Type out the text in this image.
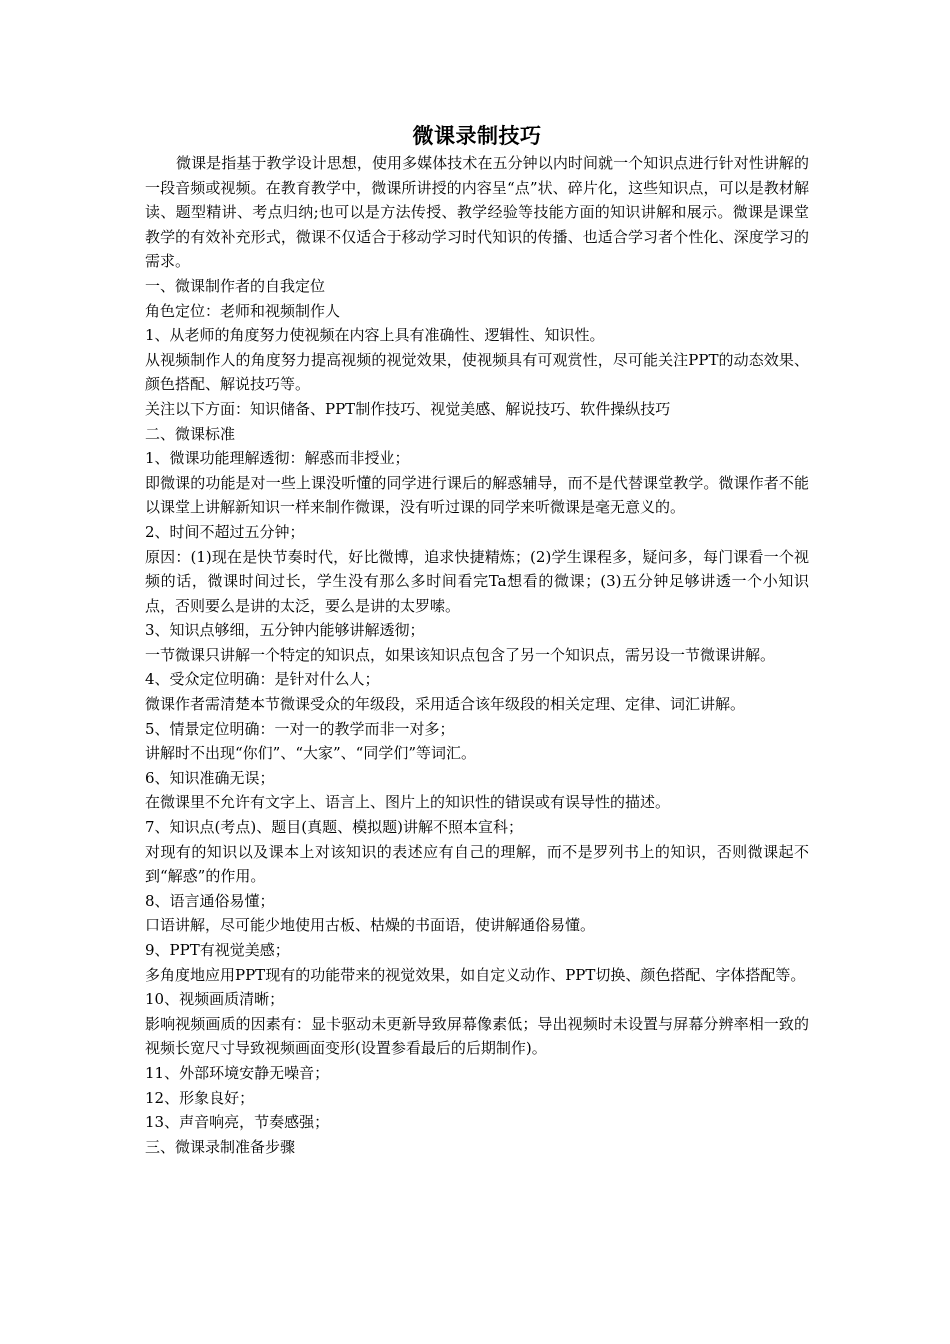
微课录制技巧

微课是指基于教学设计思想，使用多媒体技术在五分钟以内时间就一个知识点进行针对性讲解的一段音频或视频。在教育教学中，微课所讲授的内容呈“点”状、碎片化，这些知识点，可以是教材解读、题型精讲、考点归纳;也可以是方法传授、教学经验等技能方面的知识讲解和展示。微课是课堂教学的有效补充形式，微课不仅适合于移动学习时代知识的传播、也适合学习者个性化、深度学习的需求。

一、微课制作者的自我定位

角色定位：老师和视频制作人

1、从老师的角度努力使视频在内容上具有准确性、逻辑性、知识性。

从视频制作人的角度努力提高视频的视觉效果，使视频具有可观赏性，尽可能关注PPT的动态效果、颜色搭配、解说技巧等。

关注以下方面：知识储备、PPT制作技巧、视觉美感、解说技巧、软件操纵技巧

二、微课标准

1、微课功能理解透彻：解惑而非授业；

即微课的功能是对一些上课没听懂的同学进行课后的解惑辅导，而不是代替课堂教学。微课作者不能以课堂上讲解新知识一样来制作微课，没有听过课的同学来听微课是毫无意义的。

2、时间不超过五分钟；

原因：(1)现在是快节奏时代，好比微博，追求快捷精炼；(2)学生课程多，疑问多，每门课看一个视频的话，微课时间过长，学生没有那么多时间看完Ta想看的微课；(3)五分钟足够讲透一个小知识点，否则要么是讲的太泛，要么是讲的太罗嗦。

3、知识点够细，五分钟内能够讲解透彻；

一节微课只讲解一个特定的知识点，如果该知识点包含了另一个知识点，需另设一节微课讲解。

4、受众定位明确：是针对什么人；

微课作者需清楚本节微课受众的年级段，采用适合该年级段的相关定理、定律、词汇讲解。

5、情景定位明确：一对一的教学而非一对多；

讲解时不出现“你们”、“大家”、“同学们”等词汇。

6、知识准确无误；

在微课里不允许有文字上、语言上、图片上的知识性的错误或有误导性的描述。

7、知识点(考点)、题目(真题、模拟题)讲解不照本宣科；

对现有的知识以及课本上对该知识的表述应有自己的理解，而不是罗列书上的知识，否则微课起不到“解惑”的作用。

8、语言通俗易懂；

口语讲解，尽可能少地使用古板、枯燥的书面语，使讲解通俗易懂。

9、PPT有视觉美感；

多角度地应用PPT现有的功能带来的视觉效果，如自定义动作、PPT切换、颜色搭配、字体搭配等。

10、视频画质清晰；

影响视频画质的因素有：显卡驱动未更新导致屏幕像素低；导出视频时未设置与屏幕分辨率相一致的视频长宽尺寸导致视频画面变形(设置参看最后的后期制作)。

11、外部环境安静无噪音；

12、形象良好；

13、声音响亮，节奏感强；

三、微课录制准备步骤
